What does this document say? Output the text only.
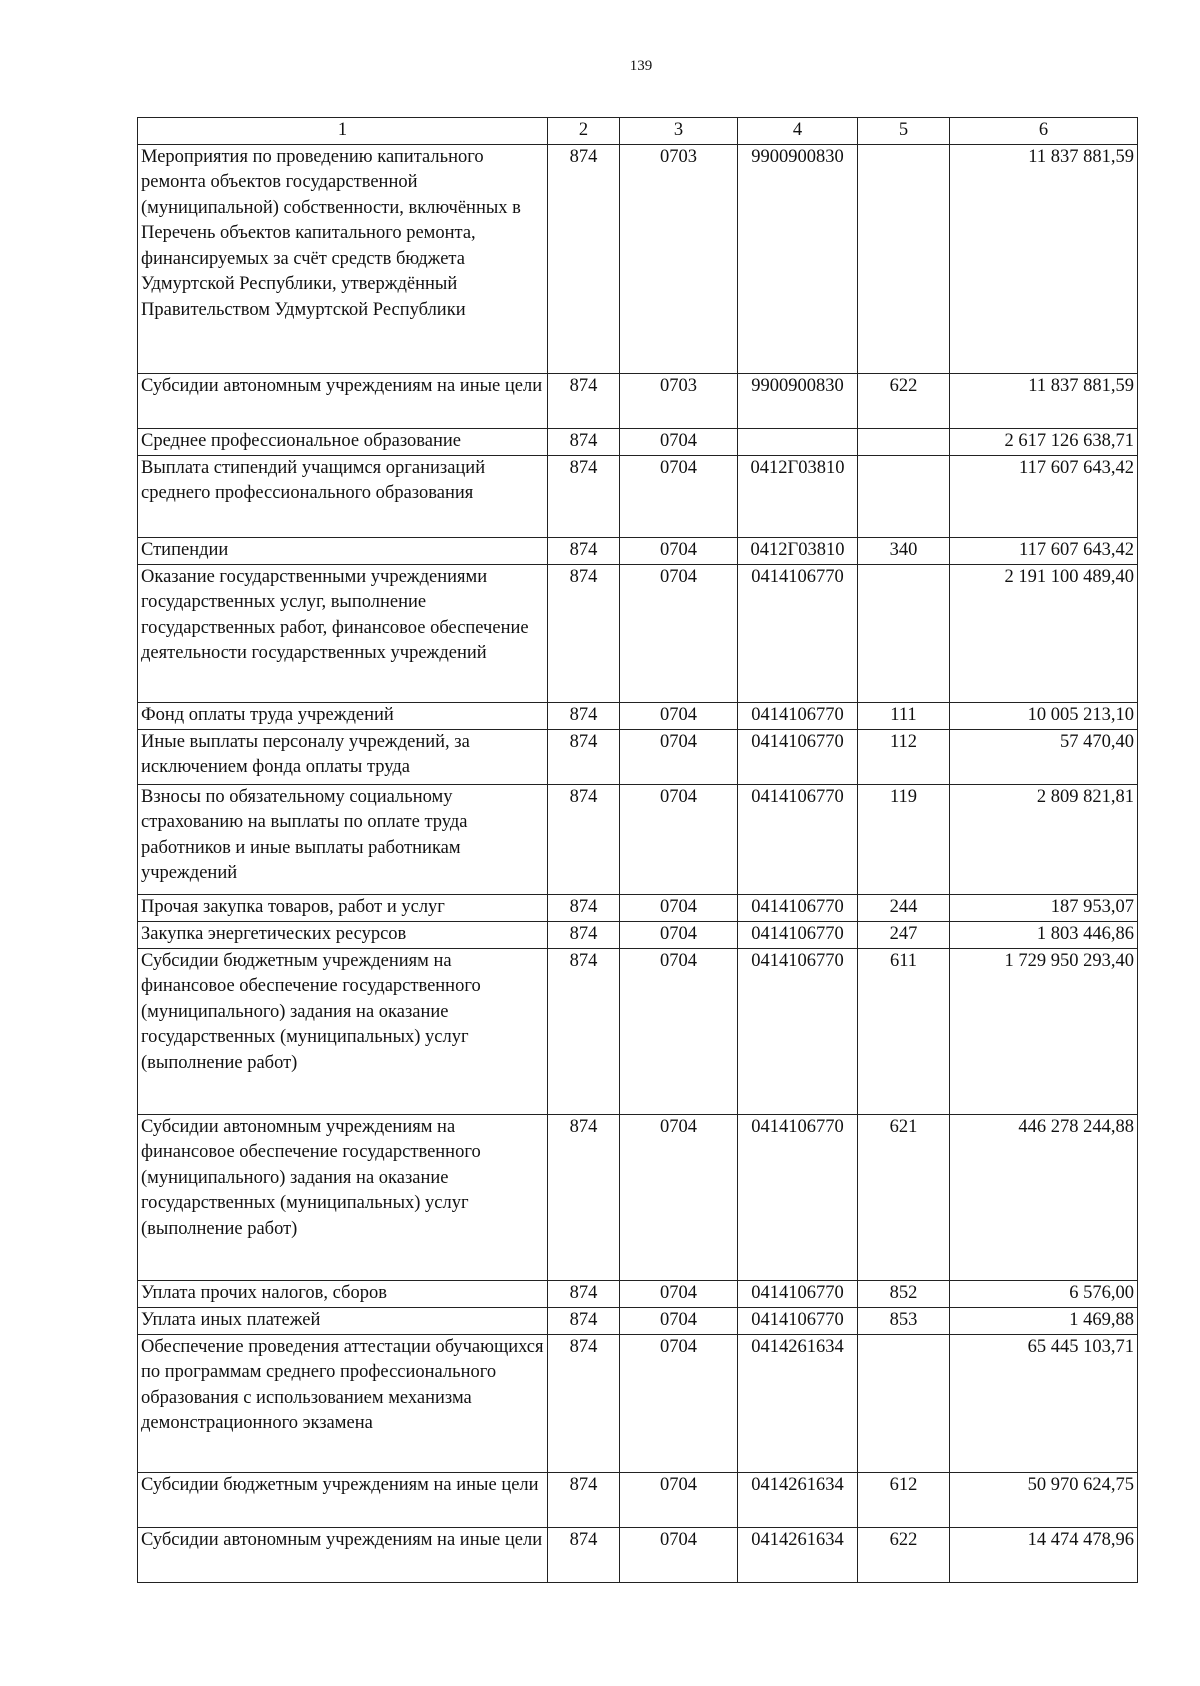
139
1	2	3	4	5	6
Мероприятия по проведению капитального ремонта объектов государственной (муниципальной) собственности, включённых в Перечень объектов капитального ремонта, финансируемых за счёт средств бюджета Удмуртской Республики, утверждённый Правительством Удмуртской Республики	874	0703	9900900830		11 837 881,59
Субсидии автономным учреждениям на иные цели	874	0703	9900900830	622	11 837 881,59
Среднее профессиональное образование	874	0704			2 617 126 638,71
Выплата стипендий учащимся организаций среднего профессионального образования	874	0704	0412Г03810		117 607 643,42
Стипендии	874	0704	0412Г03810	340	117 607 643,42
Оказание государственными учреждениями государственных услуг, выполнение государственных работ, финансовое обеспечение деятельности государственных учреждений	874	0704	0414106770		2 191 100 489,40
Фонд оплаты труда учреждений	874	0704	0414106770	111	10 005 213,10
Иные выплаты персоналу учреждений, за исключением фонда оплаты труда	874	0704	0414106770	112	57 470,40
Взносы по обязательному социальному страхованию на выплаты по оплате труда работников и иные выплаты работникам учреждений	874	0704	0414106770	119	2 809 821,81
Прочая закупка товаров, работ и услуг	874	0704	0414106770	244	187 953,07
Закупка энергетических ресурсов	874	0704	0414106770	247	1 803 446,86
Субсидии бюджетным учреждениям на финансовое обеспечение государственного (муниципального) задания на оказание государственных (муниципальных) услуг (выполнение работ)	874	0704	0414106770	611	1 729 950 293,40
Субсидии автономным учреждениям на финансовое обеспечение государственного (муниципального) задания на оказание государственных (муниципальных) услуг (выполнение работ)	874	0704	0414106770	621	446 278 244,88
Уплата прочих налогов, сборов	874	0704	0414106770	852	6 576,00
Уплата иных платежей	874	0704	0414106770	853	1 469,88
Обеспечение проведения аттестации обучающихся по программам среднего профессионального образования с использованием механизма демонстрационного экзамена	874	0704	0414261634		65 445 103,71
Субсидии бюджетным учреждениям на иные цели	874	0704	0414261634	612	50 970 624,75
Субсидии автономным учреждениям на иные цели	874	0704	0414261634	622	14 474 478,96
